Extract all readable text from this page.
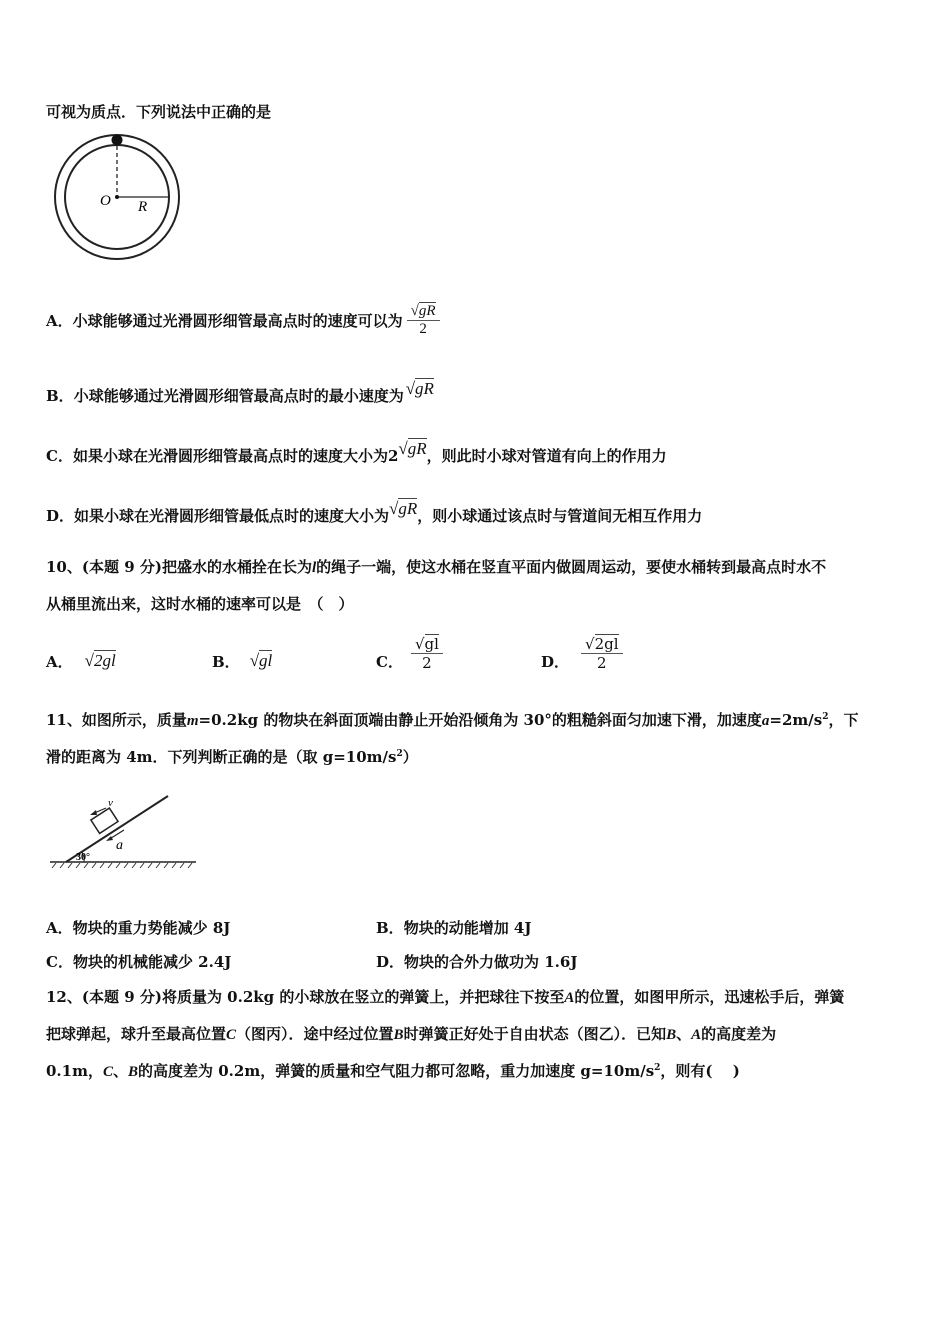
可视为质点．下列说法中正确的是
O R
A． 小球能够通过光滑圆形细管最高点时的速度可以为 $\frac{√gR}{2}$
B． 小球能够通过光滑圆形细管最高点时的最小速度为 √gR
C． 如果小球在光滑圆形细管最高点时的速度大小为2 √gR ，则此时小球对管道有向上的作用力
D． 如果小球在光滑圆形细管最低点时的速度大小为 √gR ，则小球通过该点时与管道间无相互作用力
10、(本题 9 分)把盛水的水桶拴在长为l的绳子一端，使这水桶在竖直平面内做圆周运动，要使水桶转到最高点时水不
从桶里流出来，这时水桶的速率可以是　（　）
A． √2gl	B． √gl	C． $\frac{√gl}{2}$	D． $\frac{√2gl}{2}$
11、如图所示，质量m=0.2kg 的物块在斜面顶端由静止开始沿倾角为 30°的粗糙斜面匀加速下滑，加速度$a=2m/s^2$，下
滑的距离为 4m．下列判断正确的是（取 $g=10m/s^2$）
v
a
30°
A．物块的重力势能减少 8J	B．物块的动能增加 4J
C．物块的机械能减少 2.4J	D．物块的合外力做功为 1.6J
12、(本题 9 分)将质量为 0.2kg 的小球放在竖立的弹簧上，并把球往下按至A的位置，如图甲所示，迅速松手后，弹簧
把球弹起，球升至最高位置C（图丙）．途中经过位置B时弹簧正好处于自由状态（图乙）．已知B、A的高度差为
0.1m，C、B的高度差为 0.2m，弹簧的质量和空气阻力都可忽略，重力加速度 $g=10m/s^2$，则有(　 )
